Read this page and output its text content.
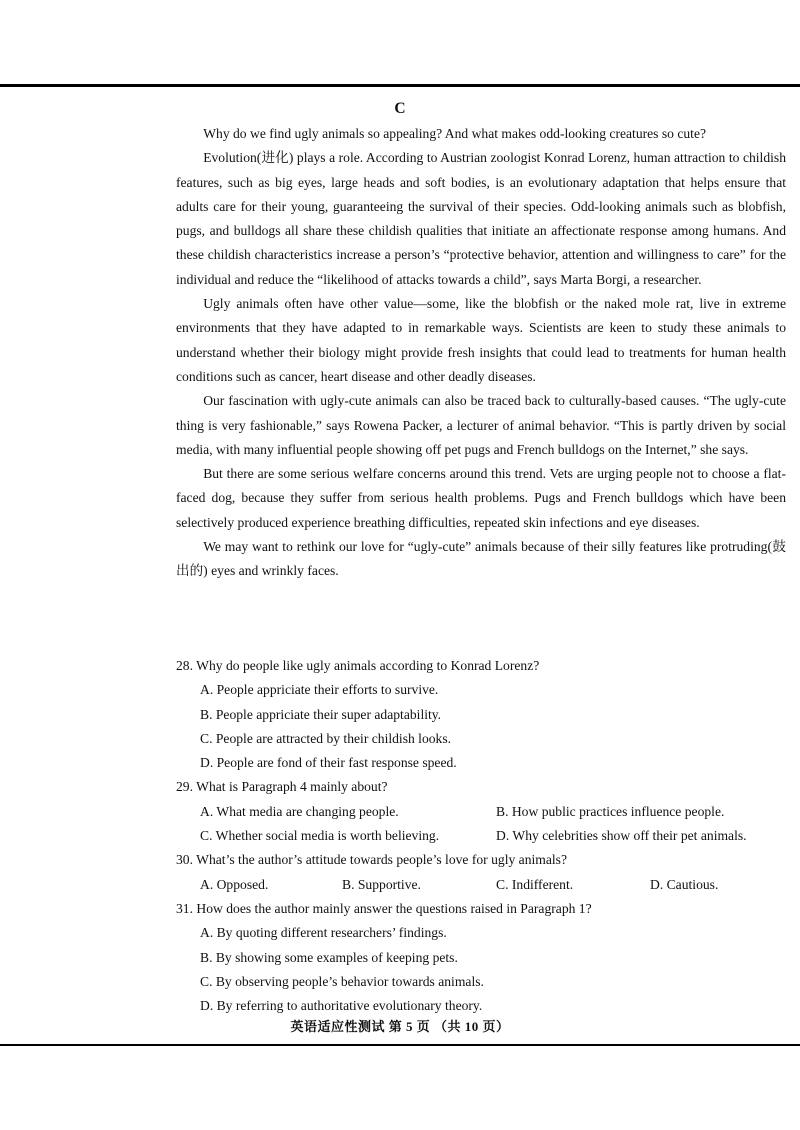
C

Why do we find ugly animals so appealing? And what makes odd-looking creatures so cute?

Evolution(进化) plays a role. According to Austrian zoologist Konrad Lorenz, human attraction to childish features, such as big eyes, large heads and soft bodies, is an evolutionary adaptation that helps ensure that adults care for their young, guaranteeing the survival of their species. Odd-looking animals such as blobfish, pugs, and bulldogs all share these childish qualities that initiate an affectionate response among humans. And these childish characteristics increase a person’s “protective behavior, attention and willingness to care” for the individual and reduce the “likelihood of attacks towards a child”, says Marta Borgi, a researcher.

Ugly animals often have other value—some, like the blobfish or the naked mole rat, live in extreme environments that they have adapted to in remarkable ways. Scientists are keen to study these animals to understand whether their biology might provide fresh insights that could lead to treatments for human health conditions such as cancer, heart disease and other deadly diseases.

Our fascination with ugly-cute animals can also be traced back to culturally-based causes. “The ugly-cute thing is very fashionable,” says Rowena Packer, a lecturer of animal behavior. “This is partly driven by social media, with many influential people showing off pet pugs and French bulldogs on the Internet,” she says.

But there are some serious welfare concerns around this trend. Vets are urging people not to choose a flat-faced dog, because they suffer from serious health problems. Pugs and French bulldogs which have been selectively produced experience breathing difficulties, repeated skin infections and eye diseases.

We may want to rethink our love for “ugly-cute” animals because of their silly features like protruding(鼓出的) eyes and wrinkly faces.

28. Why do people like ugly animals according to Konrad Lorenz?
A. People appriciate their efforts to survive.
B. People appriciate their super adaptability.
C. People are attracted by their childish looks.
D. People are fond of their fast response speed.
29. What is Paragraph 4 mainly about?
A. What media are changing people.	B. How public practices influence people.
C. Whether social media is worth believing.	D. Why celebrities show off their pet animals.
30. What’s the author’s attitude towards people’s love for ugly animals?
A. Opposed.	B. Supportive.	C. Indifferent.	D. Cautious.
31. How does the author mainly answer the questions raised in Paragraph 1?
A. By quoting different researchers’ findings.
B. By showing some examples of keeping pets.
C. By observing people’s behavior towards animals.
D. By referring to authoritative evolutionary theory.
英语适应性测试 第 5 页 （共 10 页）
